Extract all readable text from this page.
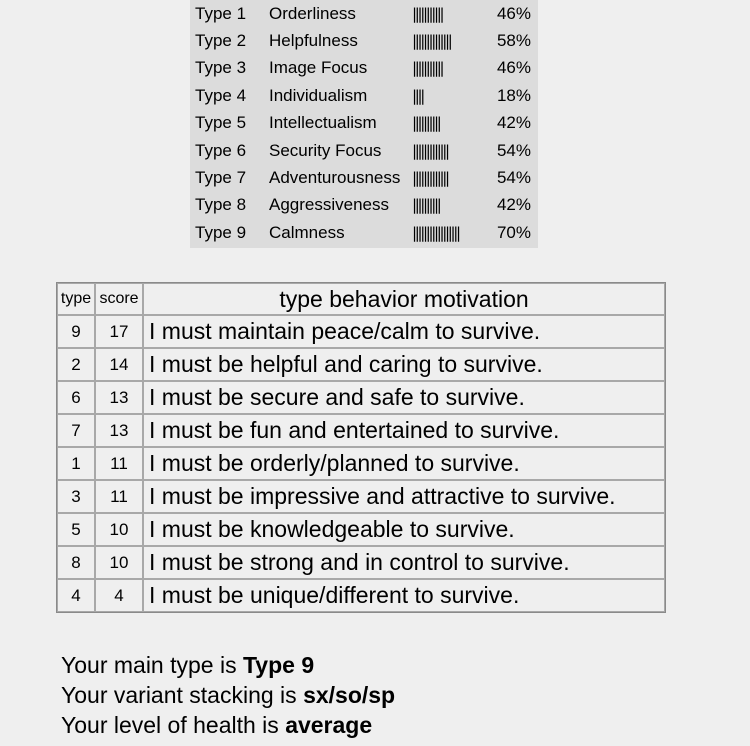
Type 1	Orderliness	|||||||||||	46%
Type 2	Helpfulness	||||||||||||||	58%
Type 3	Image Focus	|||||||||||	46%
Type 4	Individualism	||||	18%
Type 5	Intellectualism	||||||||||	42%
Type 6	Security Focus	|||||||||||||	54%
Type 7	Adventurousness	|||||||||||||	54%
Type 8	Aggressiveness	||||||||||	42%
Type 9	Calmness	|||||||||||||||||	70%
type	score	type behavior motivation
9	17	I must maintain peace/calm to survive.
2	14	I must be helpful and caring to survive.
6	13	I must be secure and safe to survive.
7	13	I must be fun and entertained to survive.
1	11	I must be orderly/planned to survive.
3	11	I must be impressive and attractive to survive.
5	10	I must be knowledgeable to survive.
8	10	I must be strong and in control to survive.
4	4	I must be unique/different to survive.
Your main type is Type 9
Your variant stacking is sx/so/sp
Your level of health is average
